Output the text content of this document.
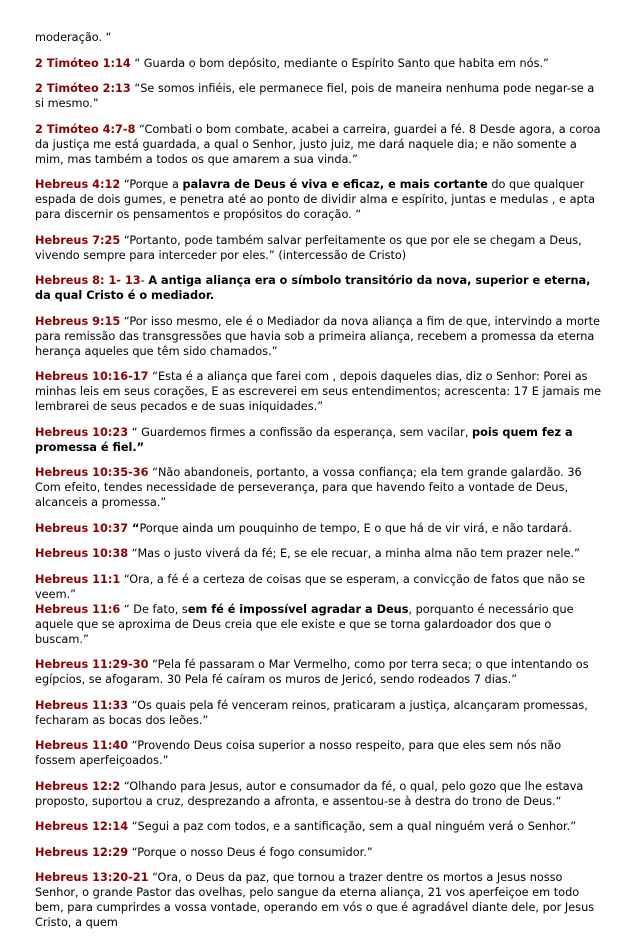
moderação. “

2 Timóteo 1:14 “ Guarda o bom depósito, mediante o Espírito Santo que habita em nós.”

2 Timóteo 2:13 “Se somos infiéis, ele permanece fiel, pois de maneira nenhuma pode negar-se a si mesmo.”

2 Timóteo 4:7-8 “Combati o bom combate, acabei a carreira, guardei a fé. 8 Desde agora, a coroa da justiça me está guardada, a qual o Senhor, justo juiz, me dará naquele dia; e não somente a mim, mas também a todos os que amarem a sua vinda.”

Hebreus 4:12 “Porque a palavra de Deus é viva e eficaz, e mais cortante do que qualquer espada de dois gumes, e penetra até ao ponto de dividir alma e espírito, juntas e medulas , e apta para discernir os pensamentos e propósitos do coração. “

Hebreus 7:25 “Portanto, pode também salvar perfeitamente os que por ele se chegam a Deus, vivendo sempre para interceder por eles.” (intercessão de Cristo)

Hebreus 8: 1- 13- A antiga aliança era o símbolo transitório da nova, superior e eterna, da qual Cristo é o mediador.

Hebreus 9:15 “Por isso mesmo, ele é o Mediador da nova aliança a fim de que, intervindo a morte para remissão das transgressões que havia sob a primeira aliança, recebem a promessa da eterna herança aqueles que têm sido chamados.”

Hebreus 10:16-17 “Esta é a aliança que farei com , depois daqueles dias, diz o Senhor: Porei as minhas leis em seus corações, E as escreverei em seus entendimentos; acrescenta: 17 E jamais me lembrarei de seus pecados e de suas iniquidades.”

Hebreus 10:23 “ Guardemos firmes a confissão da esperança, sem vacilar, pois quem fez a promessa é fiel.”

Hebreus 10:35-36 “Não abandoneis, portanto, a vossa confiança; ela tem grande galardão. 36 Com efeito, tendes necessidade de perseverança, para que havendo feito a vontade de Deus, alcanceis a promessa.”

Hebreus 10:37 “Porque ainda um pouquinho de tempo, E o que há de vir virá, e não tardará.

Hebreus 10:38 “Mas o justo viverá da fé; E, se ele recuar, a minha alma não tem prazer nele.”

Hebreus 11:1 “Ora, a fé é a certeza de coisas que se esperam, a convicção de fatos que não se veem.”

Hebreus 11:6 “ De fato, sem fé é impossível agradar a Deus, porquanto é necessário que aquele que se aproxima de Deus creia que ele existe e que se torna galardoador dos que o buscam.”

Hebreus 11:29-30 “Pela fé passaram o Mar Vermelho, como por terra seca; o que intentando os egípcios, se afogaram. 30 Pela fé caíram os muros de Jericó, sendo rodeados 7 dias.”

Hebreus 11:33 “Os quais pela fé venceram reinos, praticaram a justiça, alcançaram promessas, fecharam as bocas dos leões.”

Hebreus 11:40 “Provendo Deus coisa superior a nosso respeito, para que eles sem nós não fossem aperfeiçoados.”

Hebreus 12:2 “Olhando para Jesus, autor e consumador da fé, o qual, pelo gozo que lhe estava proposto, suportou a cruz, desprezando a afronta, e assentou-se à destra do trono de Deus.“

Hebreus 12:14 “Segui a paz com todos, e a santificação, sem a qual ninguém verá o Senhor.”

Hebreus 12:29 “Porque o nosso Deus é fogo consumidor.”

Hebreus 13:20-21 “Ora, o Deus da paz, que tornou a trazer dentre os mortos a Jesus nosso Senhor, o grande Pastor das ovelhas, pelo sangue da eterna aliança, 21 vos aperfeiçoe em todo bem, para cumprirdes a vossa vontade, operando em vós o que é agradável diante dele, por Jesus Cristo, a quem
